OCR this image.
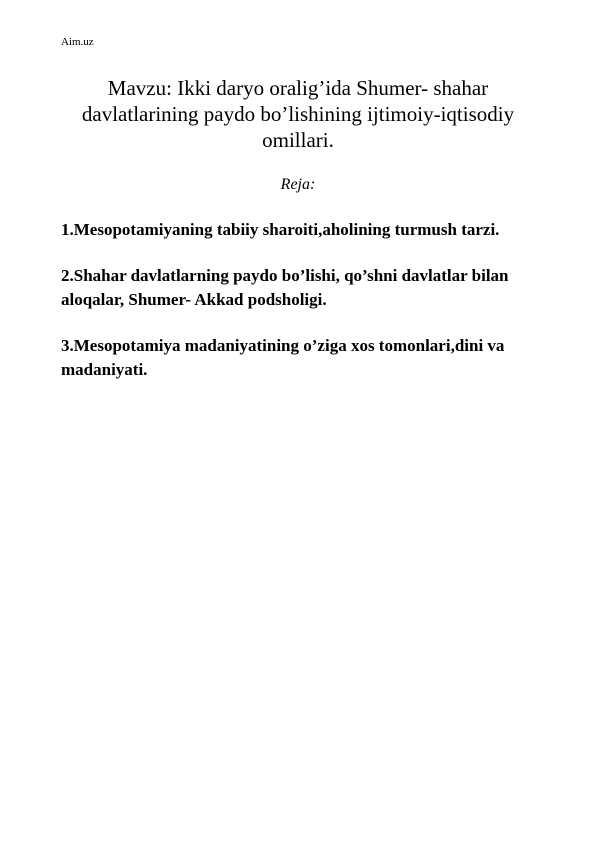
Aim.uz
Mavzu: Ikki daryo oralig’ida Shumer- shahar davlatlarining paydo bo’lishining ijtimoiy-iqtisodiy omillari.
Reja:
1.Mesopotamiyaning tabiiy sharoiti,aholining turmush tarzi.
2.Shahar davlatlarning paydo bo’lishi, qo’shni davlatlar bilan aloqalar, Shumer- Akkad podsholigi.
3.Mesopotamiya madaniyatining o’ziga xos tomonlari,dini va madaniyati.
